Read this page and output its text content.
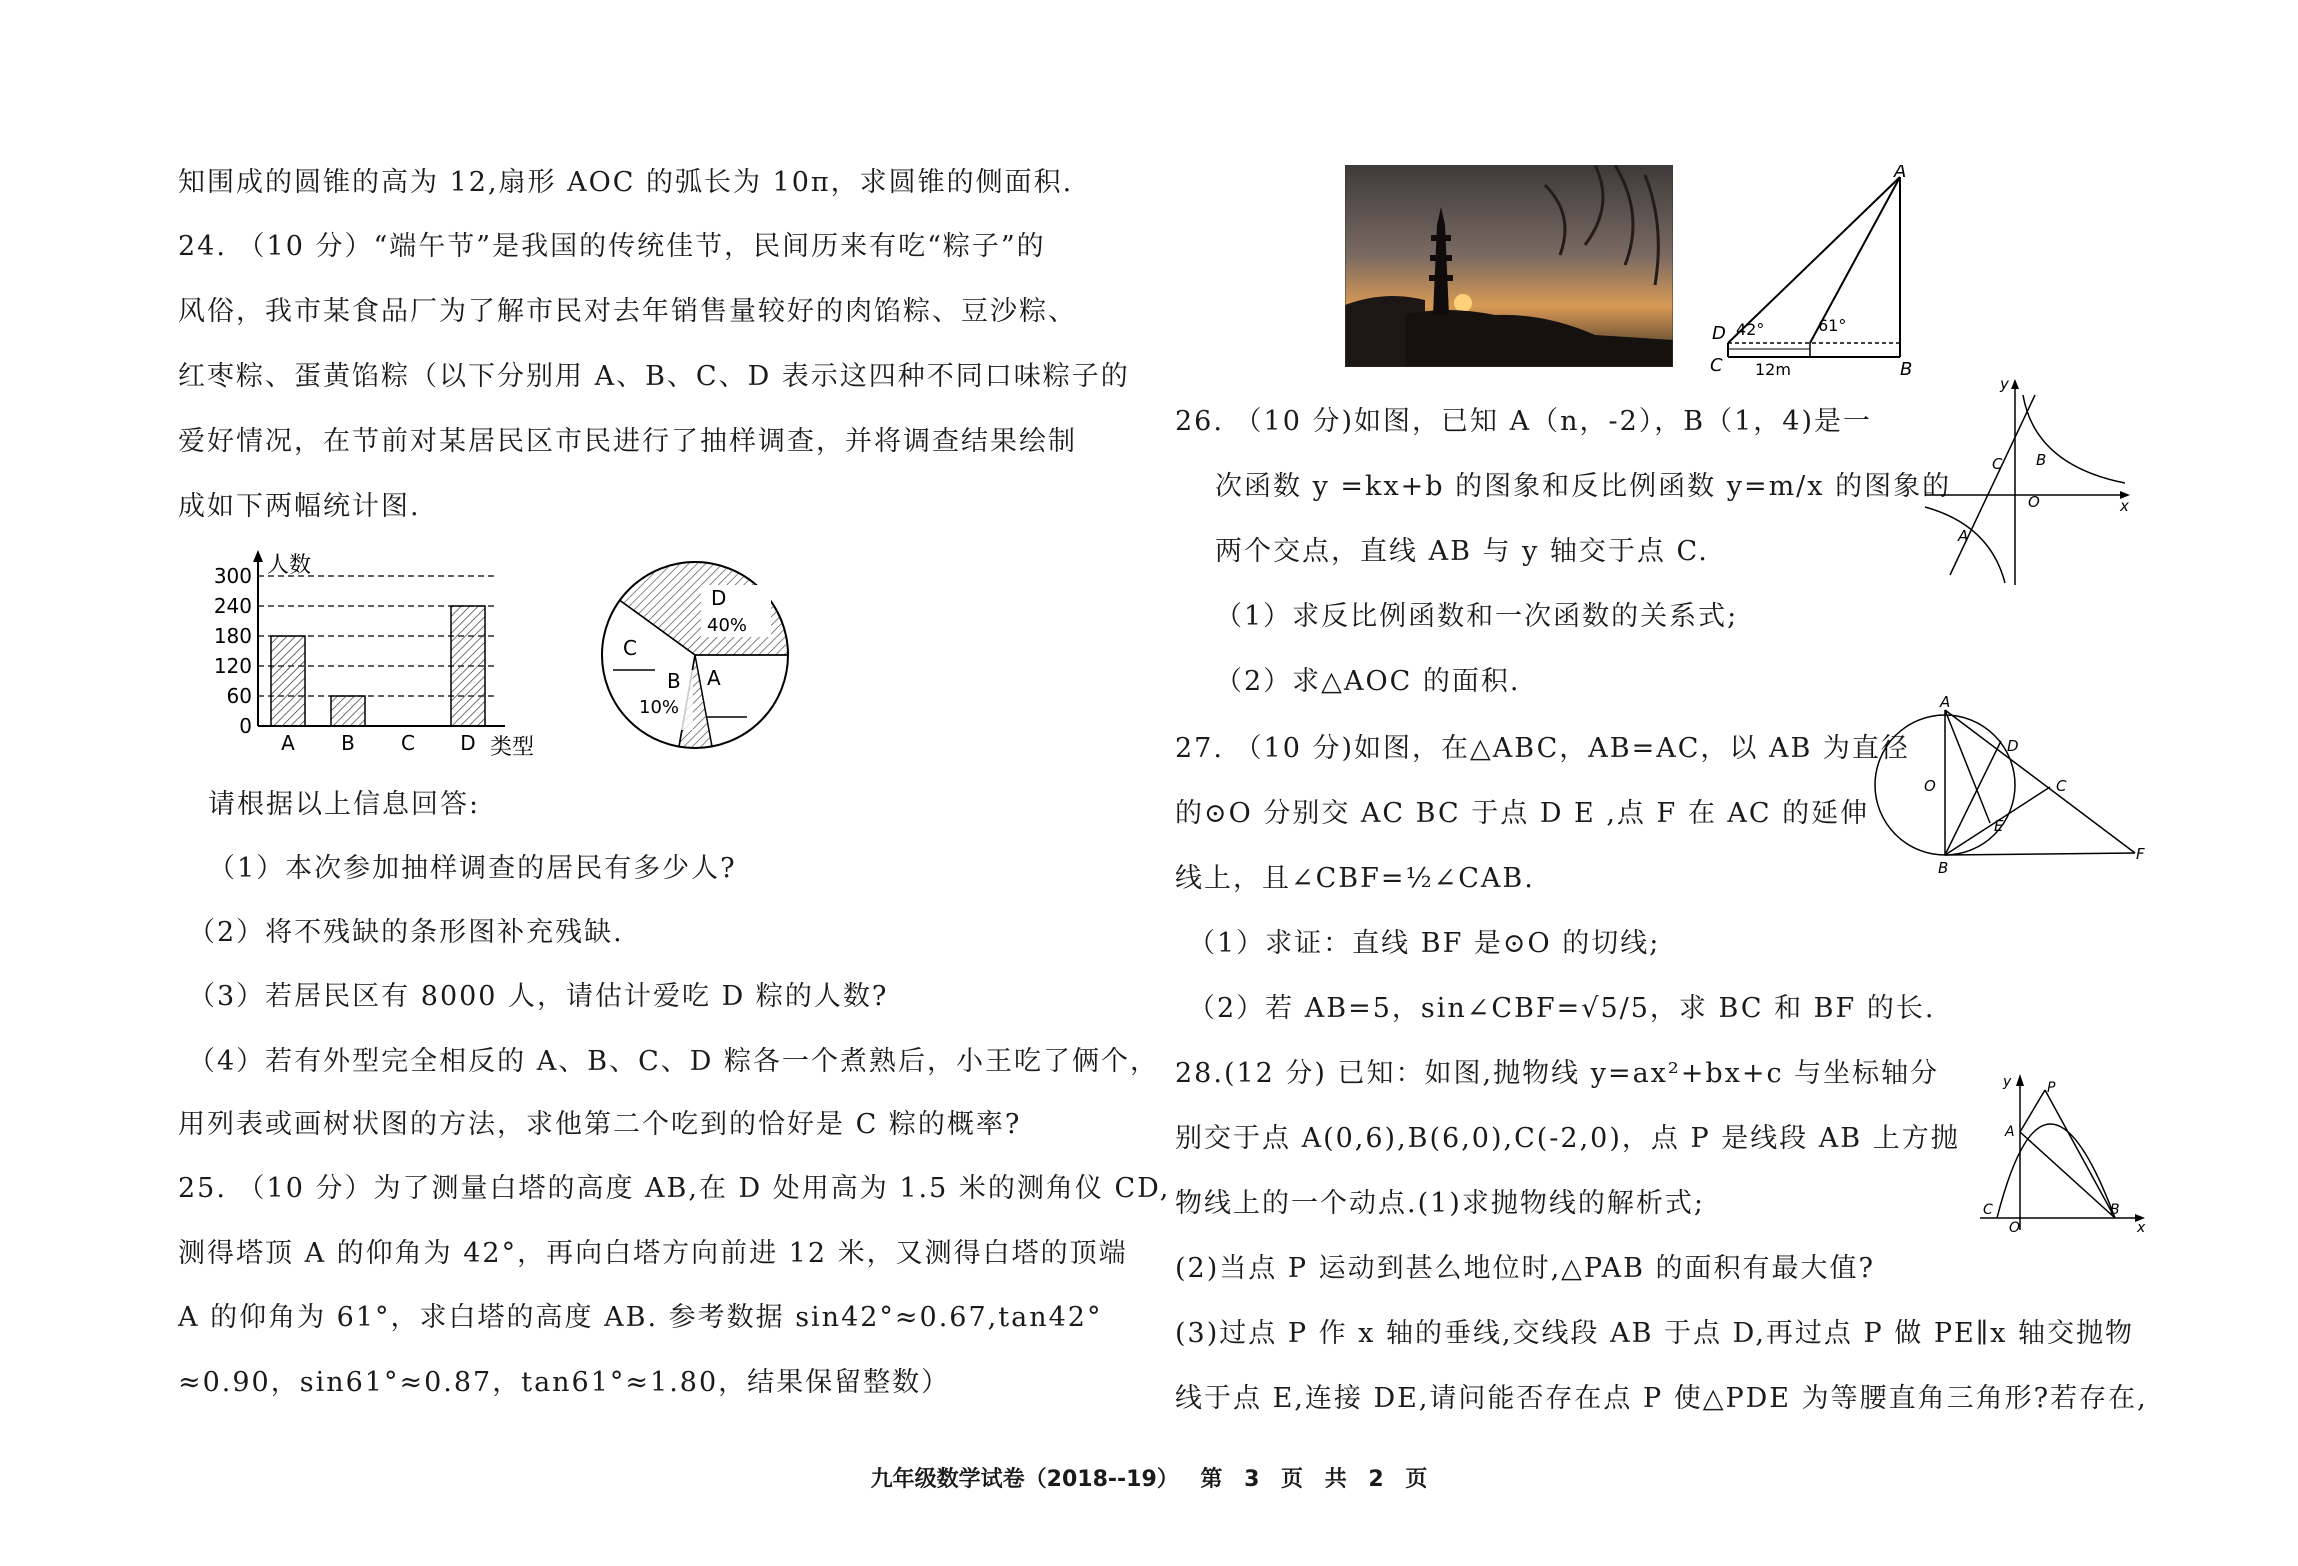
知围成的圆锥的高为 12,扇形 AOC 的弧长为 10π，求圆锥的侧面积.
24. （10 分）“端午节”是我国的传统佳节，民间历来有吃“粽子”的
风俗，我市某食品厂为了解市民对去年销售量较好的肉馅粽、豆沙粽、
红枣粽、蛋黄馅粽（以下分别用 A、B、C、D 表示这四种不同口味粽子的
爱好情况，在节前对某居民区市民进行了抽样调查，并将调查结果绘制
成如下两幅统计图.
人数
类型
0
60
120
180
240
300
A B C D
D
40%
C
B
10%
A
请根据以上信息回答:
（1）本次参加抽样调查的居民有多少人?
（2）将不残缺的条形图补充残缺.
（3）若居民区有 8000 人，请估计爱吃 D 粽的人数?
（4）若有外型完全相反的 A、B、C、D 粽各一个煮熟后，小王吃了俩个，
用列表或画树状图的方法，求他第二个吃到的恰好是 C 粽的概率?
25. （10 分）为了测量白塔的高度 AB,在 D 处用高为 1.5 米的测角仪 CD,
测得塔顶 A 的仰角为 42°，再向白塔方向前进 12 米，又测得白塔的顶端
A 的仰角为 61°，求白塔的高度 AB. 参考数据 sin42°≈0.67,tan42°
≈0.90，sin61°≈0.87，tan61°≈1.80，结果保留整数）
A
D 42°	61°
C 12m	B
26. （10 分)如图，已知 A（n，-2），B（1，4)是一
次函数 y =kx+b 的图象和反比例函数 y=m/x 的图象的
两个交点，直线 AB 与 y 轴交于点 C.
（1）求反比例函数和一次函数的关系式;
（2）求△AOC 的面积.
y
C B
O	x
A
27. （10 分)如图，在△ABC，AB=AC，以 AB 为直径
的⊙O 分别交 AC BC 于点 D E ,点 F 在 AC 的延伸
线上，且∠CBF=½∠CAB.
（1）求证：直线 BF 是⊙O 的切线;
（2）若 AB=5，sin∠CBF=√5/5，求 BC 和 BF 的长.
A
D
O	C
E
F
B
28.(12 分) 已知：如图,抛物线 y=ax²+bx+c 与坐标轴分
别交于点 A(0,6),B(6,0),C(-2,0)，点 P 是线段 AB 上方抛
物线上的一个动点.(1)求抛物线的解析式;
(2)当点 P 运动到甚么地位时,△PAB 的面积有最大值?
(3)过点 P 作 x 轴的垂线,交线段 AB 于点 D,再过点 P 做 PE∥x 轴交抛物
线于点 E,连接 DE,请问能否存在点 P 使△PDE 为等腰直角三角形?若存在,
y	P
A
C
O
B
x
九年级数学试卷（2018--19） 第 3 页 共 2 页
